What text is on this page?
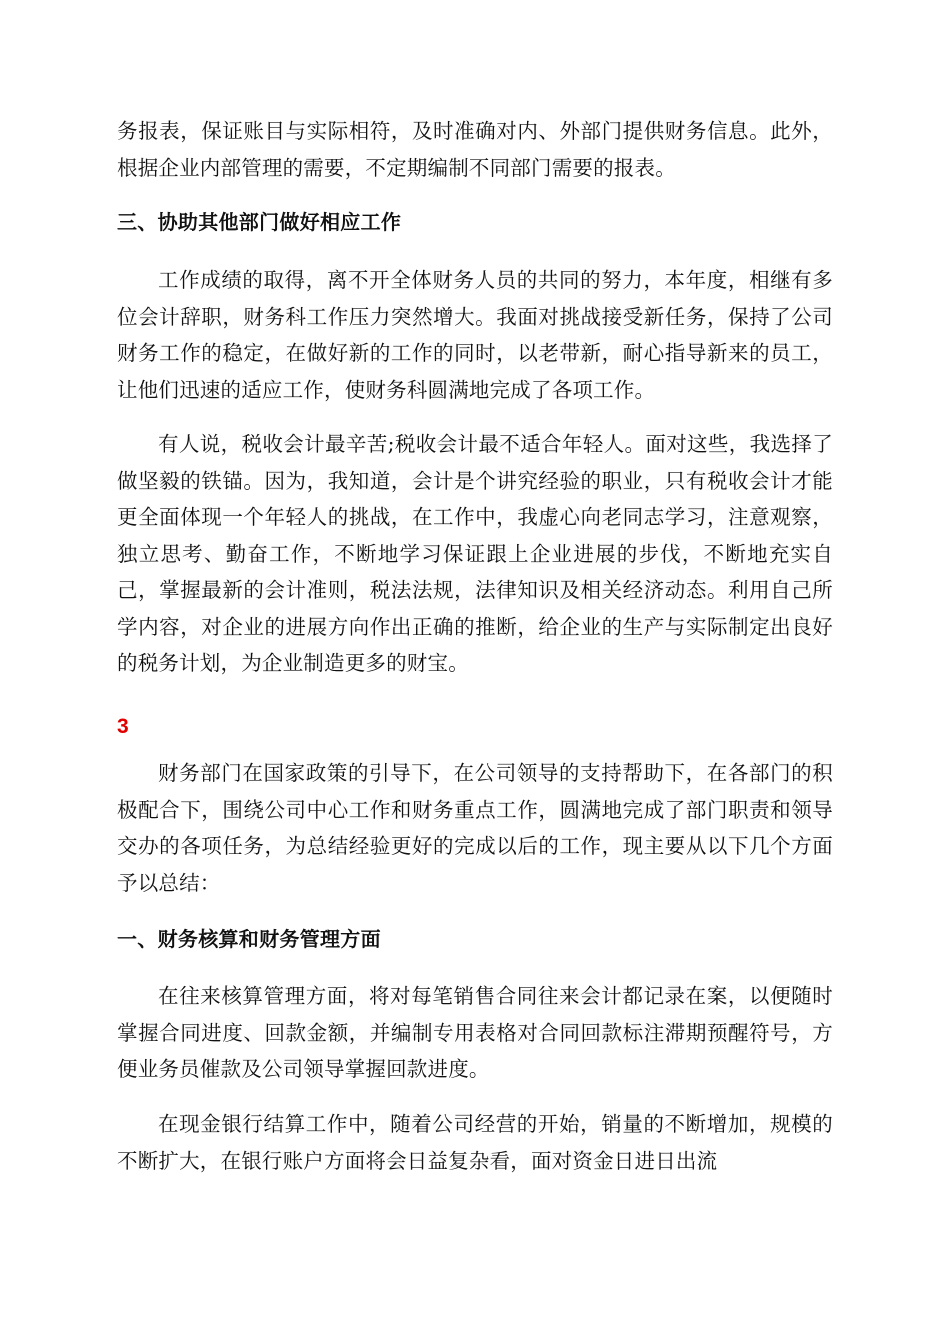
务报表，保证账目与实际相符，及时准确对内、外部门提供财务信息。此外，根据企业内部管理的需要，不定期编制不同部门需要的报表。

三、协助其他部门做好相应工作

工作成绩的取得，离不开全体财务人员的共同的努力，本年度，相继有多位会计辞职，财务科工作压力突然增大。我面对挑战接受新任务，保持了公司财务工作的稳定，在做好新的工作的同时，以老带新，耐心指导新来的员工，让他们迅速的适应工作，使财务科圆满地完成了各项工作。

有人说，税收会计最辛苦;税收会计最不适合年轻人。面对这些，我选择了做坚毅的铁锚。因为，我知道，会计是个讲究经验的职业，只有税收会计才能更全面体现一个年轻人的挑战，在工作中，我虚心向老同志学习，注意观察，独立思考、勤奋工作，不断地学习保证跟上企业进展的步伐，不断地充实自己，掌握最新的会计准则，税法法规，法律知识及相关经济动态。利用自己所学内容，对企业的进展方向作出正确的推断，给企业的生产与实际制定出良好的税务计划，为企业制造更多的财宝。

3

财务部门在国家政策的引导下，在公司领导的支持帮助下，在各部门的积极配合下，围绕公司中心工作和财务重点工作，圆满地完成了部门职责和领导交办的各项任务，为总结经验更好的完成以后的工作，现主要从以下几个方面予以总结：

一、财务核算和财务管理方面

在往来核算管理方面，将对每笔销售合同往来会计都记录在案，以便随时掌握合同进度、回款金额，并编制专用表格对合同回款标注滞期预醒符号，方便业务员催款及公司领导掌握回款进度。

在现金银行结算工作中，随着公司经营的开始，销量的不断增加，规模的不断扩大，在银行账户方面将会日益复杂看，面对资金日进日出流
